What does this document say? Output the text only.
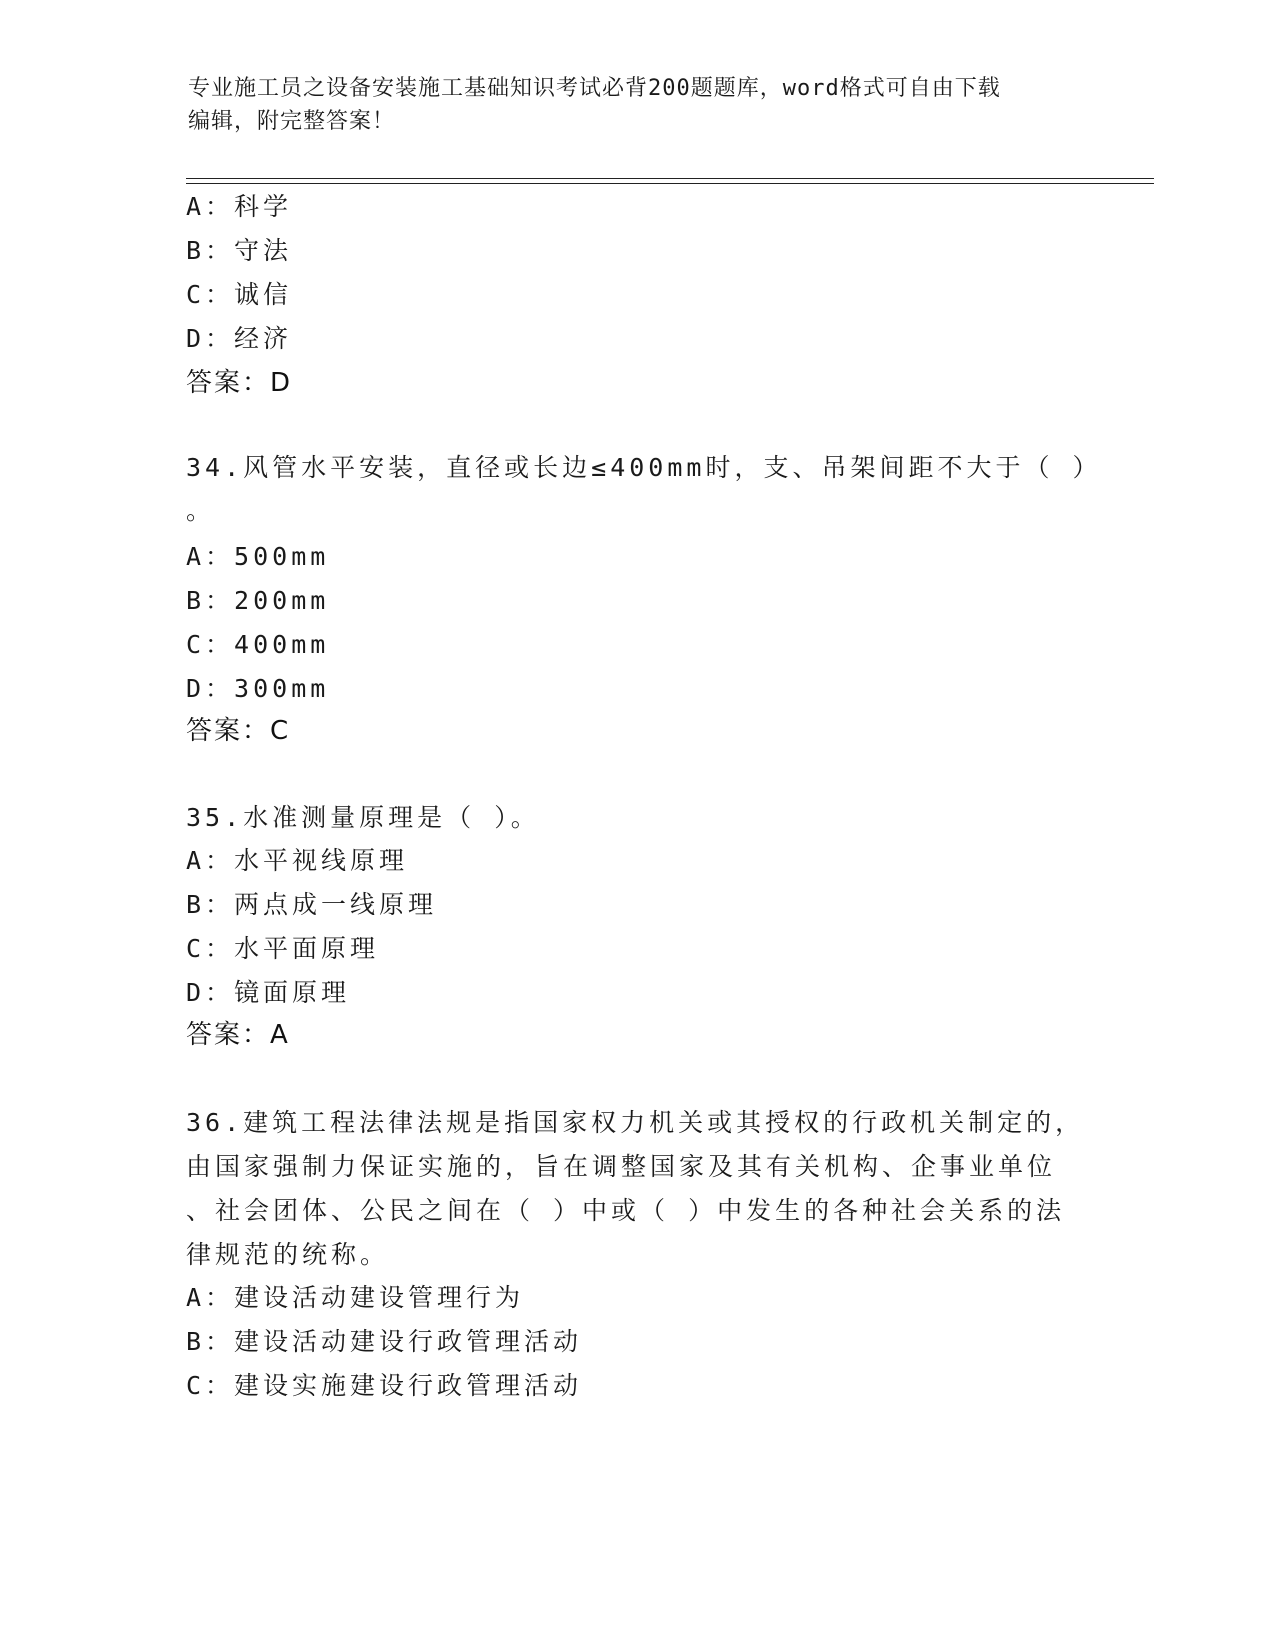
专业施工员之设备安装施工基础知识考试必背200题题库，word格式可自由下载
编辑，附完整答案！
A：科学
B：守法
C：诚信
D：经济
答案：D
34.风管水平安装，直径或长边≤400mm时，支、吊架间距不大于（ ）
。
A：500mm
B：200mm
C：400mm
D：300mm
答案：C
35.水准测量原理是（ ）。
A：水平视线原理
B：两点成一线原理
C：水平面原理
D：镜面原理
答案：A
36.建筑工程法律法规是指国家权力机关或其授权的行政机关制定的，
由国家强制力保证实施的，旨在调整国家及其有关机构、企事业单位
、社会团体、公民之间在（ ）中或（ ）中发生的各种社会关系的法
律规范的统称。
A：建设活动建设管理行为
B：建设活动建设行政管理活动
C：建设实施建设行政管理活动
